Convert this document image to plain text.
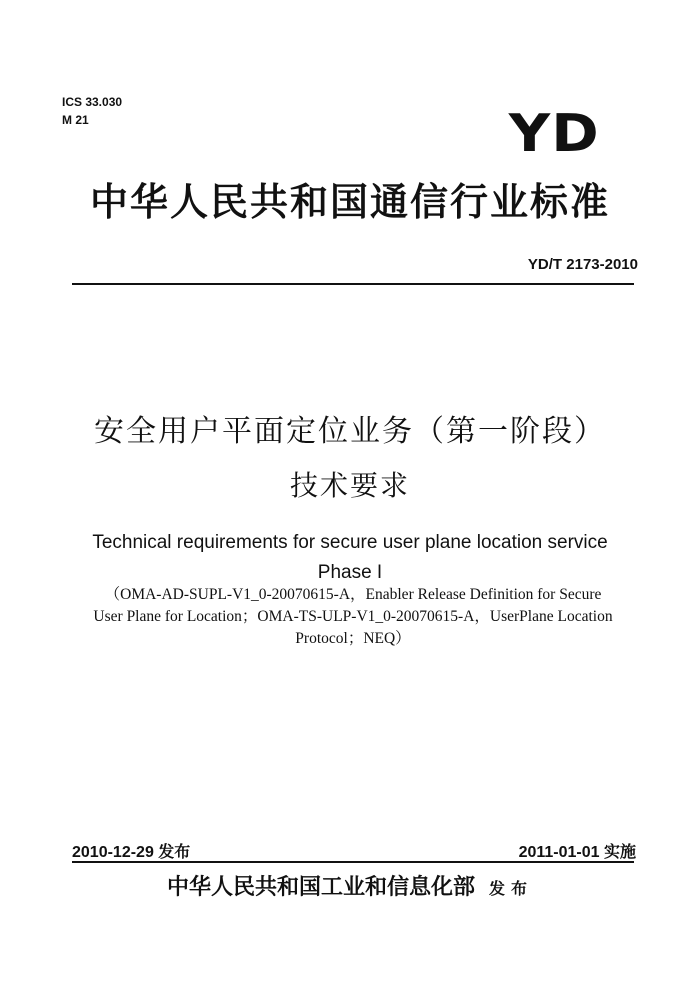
ICS 33.030
M 21	YD
中华人民共和国通信行业标准
YD/T 2173-2010
安全用户平面定位业务（第一阶段）
技术要求
Technical requirements for secure user plane location service
Phase I
（OMA-AD-SUPL-V1_0-20070615-A，Enabler Release Definition for Secure
User Plane for Location；OMA-TS-ULP-V1_0-20070615-A，UserPlane Location
Protocol；NEQ）
2010-12-29 发布	2011-01-01 实施
中华人民共和国工业和信息化部 发布
